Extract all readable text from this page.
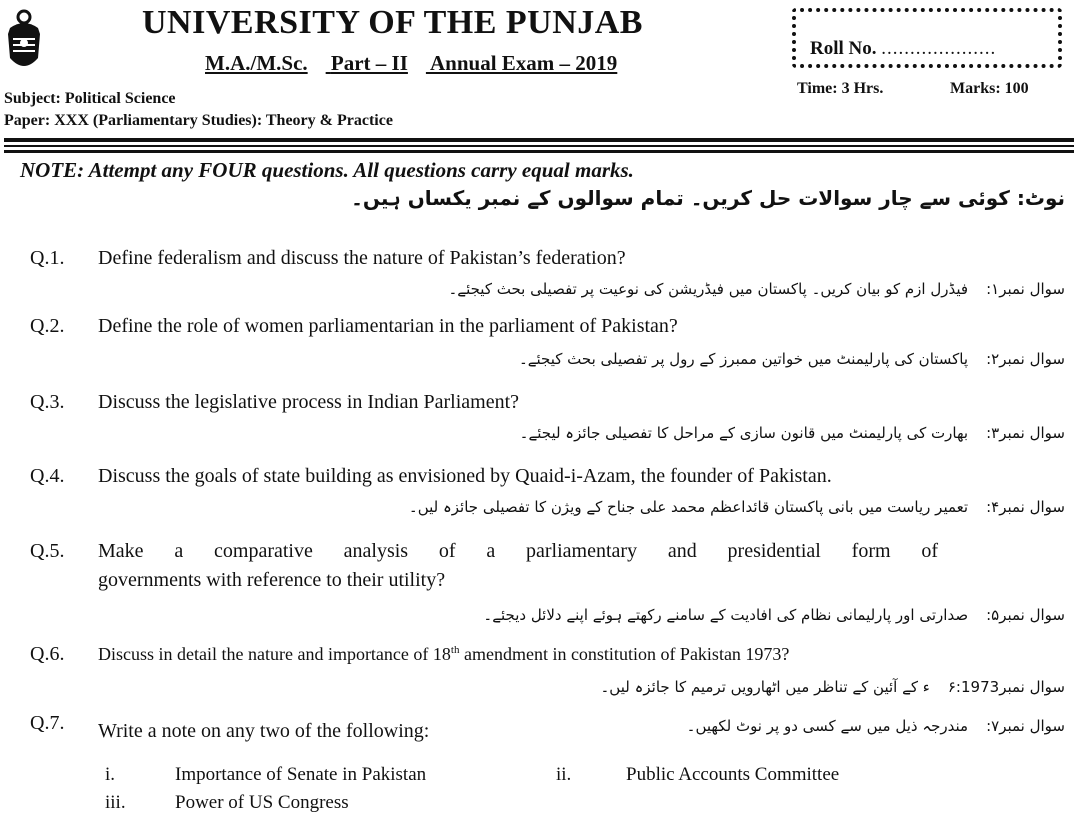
UNIVERSITY OF THE PUNJAB
M.A./M.Sc. Part – II Annual Exam – 2019
Roll No. ....................
Time: 3 Hrs.	Marks: 100
Subject: Political Science
Paper: XXX (Parliamentary Studies): Theory & Practice
NOTE: Attempt any FOUR questions. All questions carry equal marks.
نوٹ: کوئی سے چار سوالات حل کریں۔ تمام سوالوں کے نمبر یکساں ہیں۔
Q.1. Define federalism and discuss the nature of Pakistan’s federation?
سوال نمبر۱:فیڈرل ازم کو بیان کریں۔ پاکستان میں فیڈریشن کی نوعیت پر تفصیلی بحث کیجئے۔
Q.2. Define the role of women parliamentarian in the parliament of Pakistan?
سوال نمبر۲:پاکستان کی پارلیمنٹ میں خواتین ممبرز کے رول پر تفصیلی بحث کیجئے۔
Q.3. Discuss the legislative process in Indian Parliament?
سوال نمبر۳:بھارت کی پارلیمنٹ میں قانون سازی کے مراحل کا تفصیلی جائزہ لیجئے۔
Q.4. Discuss the goals of state building as envisioned by Quaid-i-Azam, the founder of Pakistan.
سوال نمبر۴:تعمیر ریاست میں بانی پاکستان قائداعظم محمد علی جناح کے ویژن کا تفصیلی جائزہ لیں۔
Q.5. Make a comparative analysis of a parliamentary and presidential form of
governments with reference to their utility?
سوال نمبر۵:صدارتی اور پارلیمانی نظام کی افادیت کے سامنے رکھتے ہوئے اپنے دلائل دیجئے۔
Q.6. Discuss in detail the nature and importance of 18th amendment in constitution of Pakistan 1973?
سوال نمبر۶:1973ء کے آئین کے تناظر میں اٹھارویں ترمیم کا جائزہ لیں۔
Q.7. Write a note on any two of the following:	سوال نمبر۷:مندرجہ ذیل میں سے کسی دو پر نوٹ لکھیں۔
i.	Importance of Senate in Pakistan	ii.	Public Accounts Committee
iii.	Power of US Congress
